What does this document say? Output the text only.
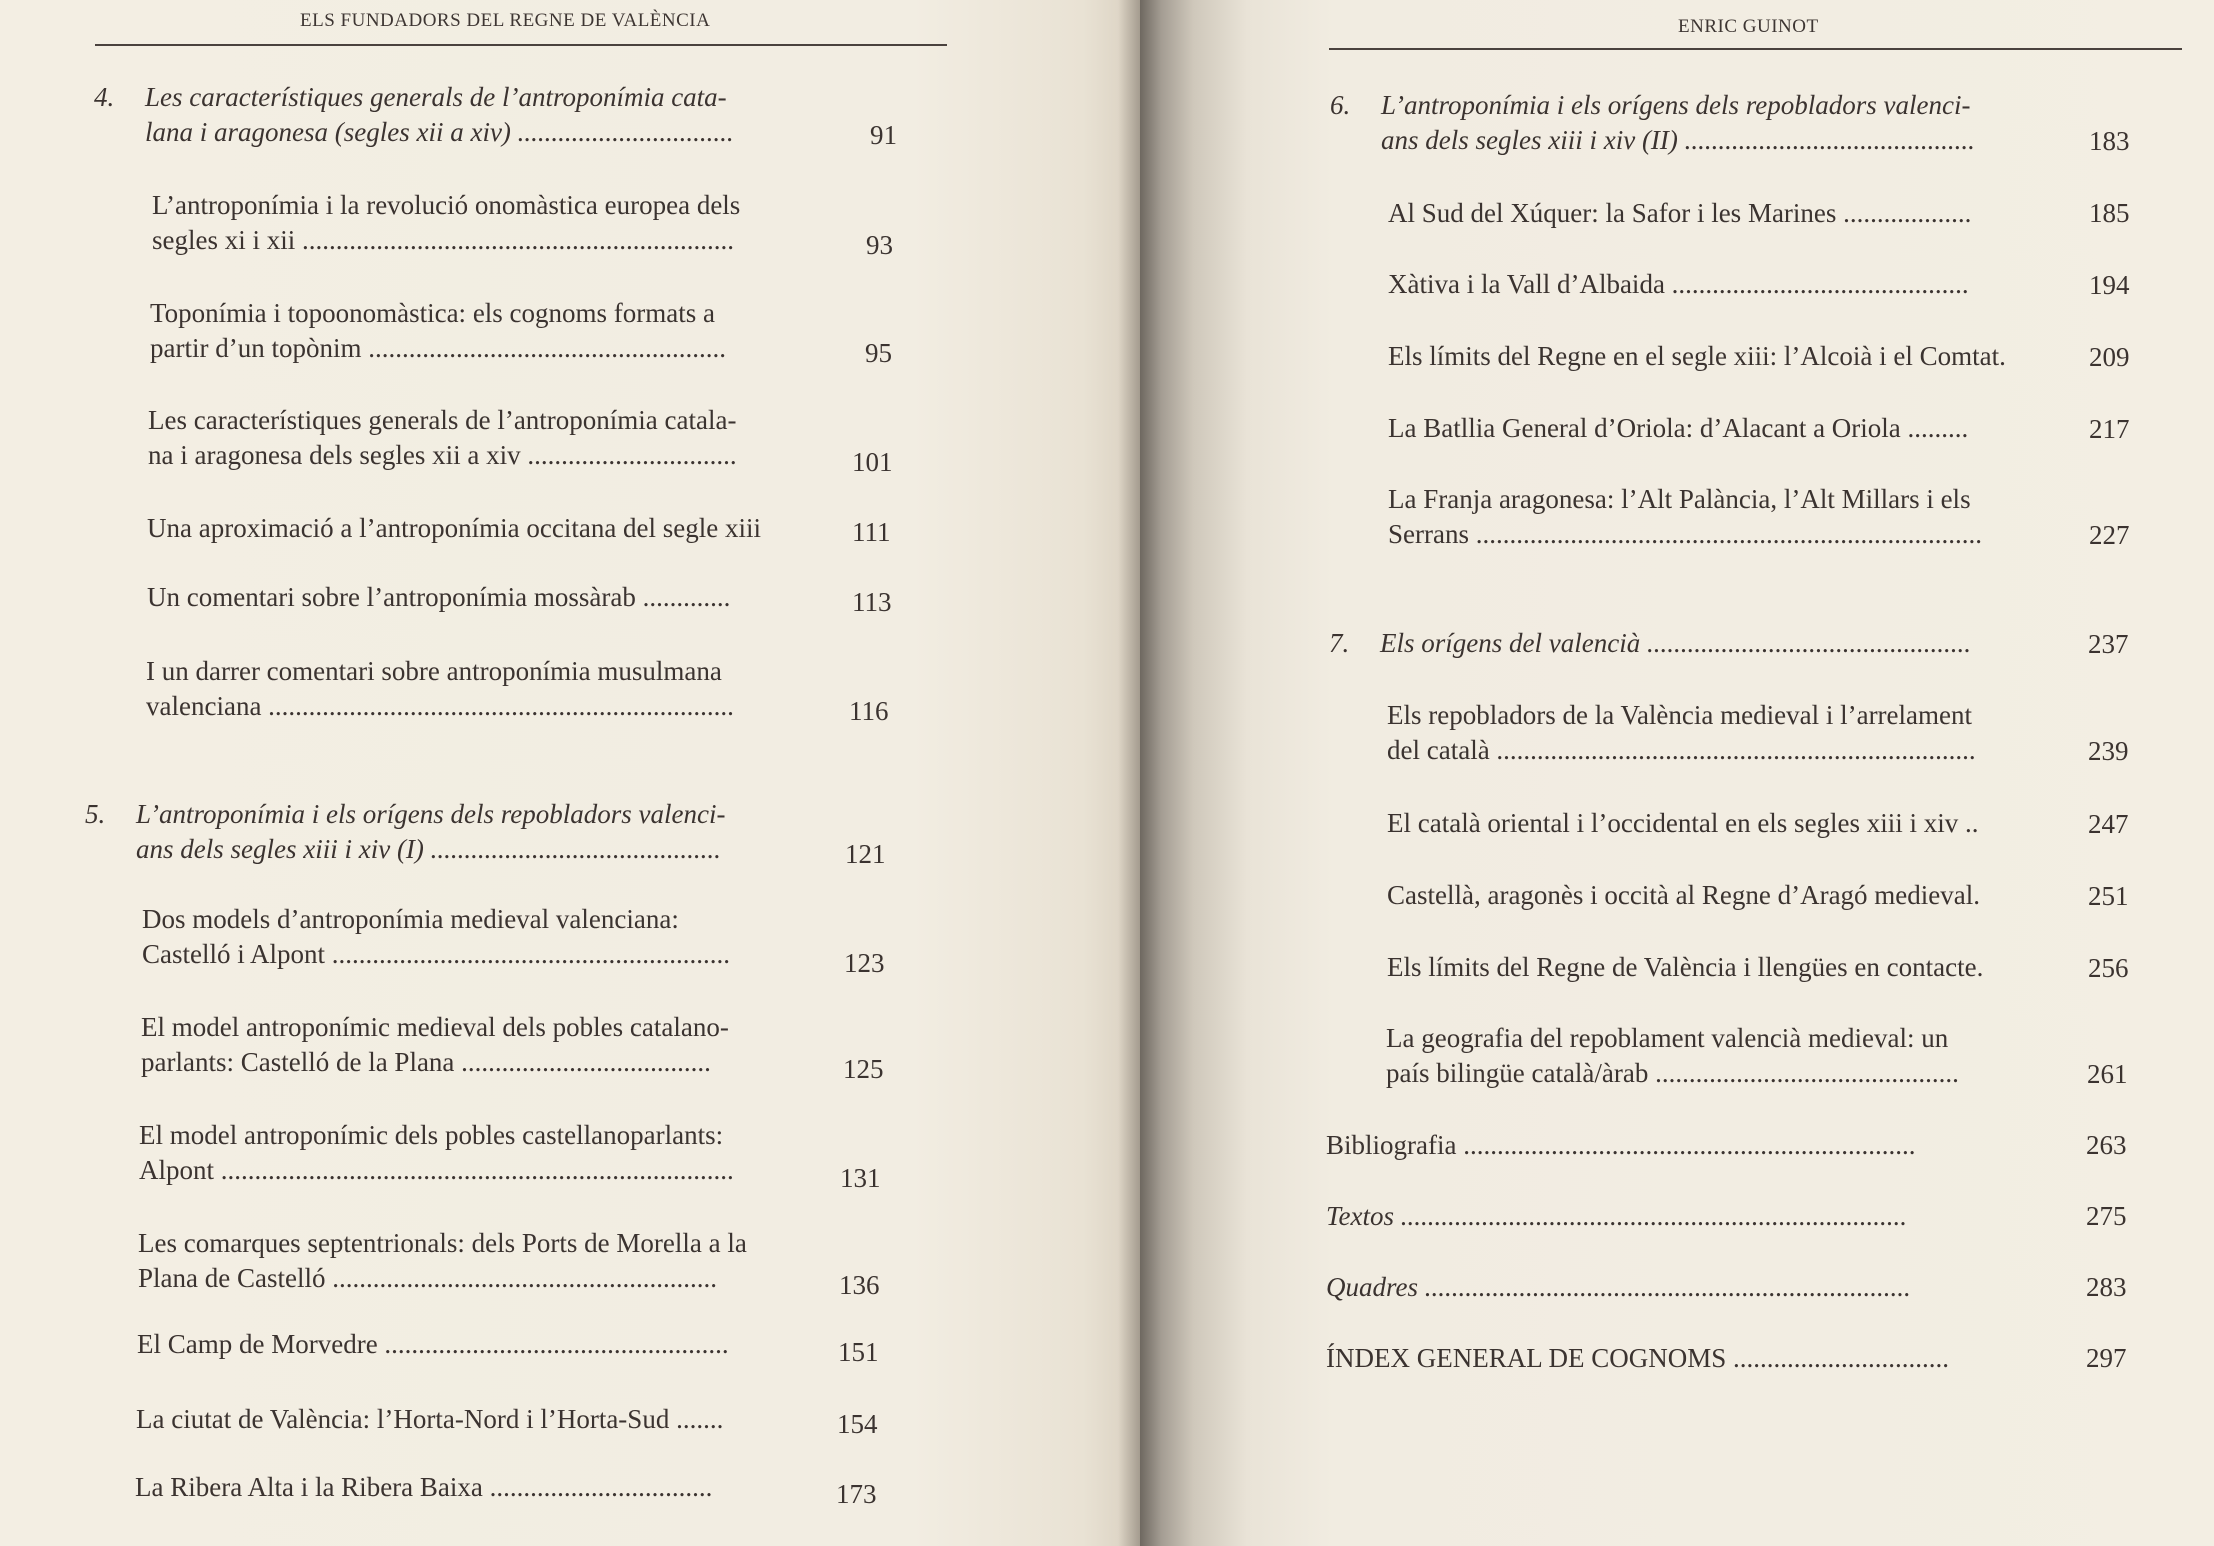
ELS FUNDADORS DEL REGNE DE VALÈNCIA
4. Les característiques generals de l’antroponímia cata-
lana i aragonesa (segles xii a xiv) ................................	91
L’antroponímia i la revolució onomàstica europea dels
segles xi i xii ................................................................	93
Toponímia i topoonomàstica: els cognoms formats a
partir d’un topònim .....................................................	95
Les característiques generals de l’antroponímia catala-
na i aragonesa dels segles xii a xiv ...............................	101
Una aproximació a l’antroponímia occitana del segle xiii	111
Un comentari sobre l’antroponímia mossàrab .............	113
I un darrer comentari sobre antroponímia musulmana
valenciana .....................................................................	116
5. L’antroponímia i els orígens dels repobladors valenci-
ans dels segles xiii i xiv (I) ...........................................	121
Dos models d’antroponímia medieval valenciana:
Castelló i Alpont ...........................................................	123
El model antroponímic medieval dels pobles catalano-
parlants: Castelló de la Plana .....................................	125
El model antroponímic dels pobles castellanoparlants:
Alpont ............................................................................	131
Les comarques septentrionals: dels Ports de Morella a la
Plana de Castelló .........................................................	136
El Camp de Morvedre ...................................................	151
La ciutat de València: l’Horta-Nord i l’Horta-Sud .......	154
La Ribera Alta i la Ribera Baixa .................................	173
ENRIC GUINOT
6. L’antroponímia i els orígens dels repobladors valenci-
ans dels segles xiii i xiv (II) ...........................................	183
Al Sud del Xúquer: la Safor i les Marines ...................	185
Xàtiva i la Vall d’Albaida ............................................	194
Els límits del Regne en el segle xiii: l’Alcoià i el Comtat.	209
La Batllia General d’Oriola: d’Alacant a Oriola .........	217
La Franja aragonesa: l’Alt Palància, l’Alt Millars i els
Serrans ...........................................................................	227
7. Els orígens del valencià ................................................	237
Els repobladors de la València medieval i l’arrelament
del català .......................................................................	239
El català oriental i l’occidental en els segles xiii i xiv ..	247
Castellà, aragonès i occità al Regne d’Aragó medieval.	251
Els límits del Regne de València i llengües en contacte.	256
La geografia del repoblament valencià medieval: un
país bilingüe català/àrab .............................................	261
Bibliografia ...................................................................	263
Textos ...........................................................................	275
Quadres ........................................................................	283
ÍNDEX GENERAL DE COGNOMS ................................	297
